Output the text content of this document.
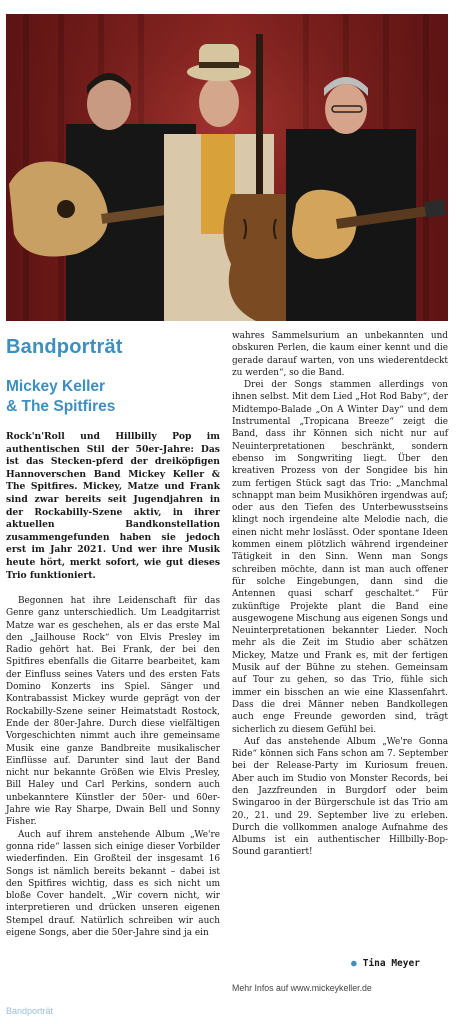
Bandporträt
Mickey Keller
& The Spitfires
Rock'n'Roll und Hillbilly Pop im authentischen Stil der 50er-Jahre: Das ist das Stecken-pferd der dreiköpfigen Hannoverschen Band Mickey Keller & The Spitfires. Mickey, Matze und Frank sind zwar bereits seit Jugendjahren in der Rockabilly-Szene aktiv, in ihrer aktuellen Bandkonstellation zusammengefunden haben sie jedoch erst im Jahr 2021. Und wer ihre Musik heute hört, merkt sofort, wie gut dieses Trio funktioniert.

Begonnen hat ihre Leidenschaft für das Genre ganz unterschiedlich. Um Leadgitarrist Matze war es geschehen, als er das erste Mal den „Jailhouse Rock“ von Elvis Presley im Radio gehört hat. Bei Frank, der bei den Spitfires ebenfalls die Gitarre bearbeitet, kam der Einfluss seines Vaters und des ersten Fats Domino Konzerts ins Spiel. Sänger und Kontrabassist Mickey wurde geprägt von der Rockabilly-Szene seiner Heimatstadt Rostock, Ende der 80er-Jahre. Durch diese vielfältigen Vorgeschichten nimmt auch ihre gemeinsame Musik eine ganze Bandbreite musikalischer Einflüsse auf. Darunter sind laut der Band nicht nur bekannte Größen wie Elvis Presley, Bill Haley und Carl Perkins, sondern auch unbekanntere Künstler der 50er- und 60er-Jahre wie Ray Sharpe, Dwain Bell und Sonny Fisher.

Auch auf ihrem anstehende Album „We're gonna ride“ lassen sich einige dieser Vorbilder wiederfinden. Ein Großteil der insgesamt 16 Songs ist nämlich bereits bekannt – dabei ist den Spitfires wichtig, dass es sich nicht um bloße Cover handelt. „Wir covern nicht, wir interpretieren und drücken unseren eigenen Stempel drauf. Natürlich schreiben wir auch eigene Songs, aber die 50er-Jahre sind ja ein

wahres Sammelsurium an unbekannten und obskuren Perlen, die kaum einer kennt und die gerade darauf warten, von uns wiederentdeckt zu werden“, so die Band.

Drei der Songs stammen allerdings von ihnen selbst. Mit dem Lied „Hot Rod Baby“, der Midtempo-Balade „On A Winter Day“ und dem Instrumental „Tropicana Breeze“ zeigt die Band, dass ihr Können sich nicht nur auf Neuinterpretationen beschränkt, sondern ebenso im Songwriting liegt. Über den kreativen Prozess von der Songidee bis hin zum fertigen Stück sagt das Trio: „Manchmal schnappt man beim Musikhören irgendwas auf; oder aus den Tiefen des Unterbewusstseins klingt noch irgendeine alte Melodie nach, die einen nicht mehr loslässt. Oder spontane Ideen kommen einem plötzlich während irgendeiner Tätigkeit in den Sinn. Wenn man Songs schreiben möchte, dann ist man auch offener für solche Eingebungen, dann sind die Antennen quasi scharf geschaltet.“ Für zukünftige Projekte plant die Band eine ausgewogene Mischung aus eigenen Songs und Neuinterpretationen bekannter Lieder. Noch mehr als die Zeit im Studio aber schätzen Mickey, Matze und Frank es, mit der fertigen Musik auf der Bühne zu stehen. Gemeinsam auf Tour zu gehen, so das Trio, fühle sich immer ein bisschen an wie eine Klassenfahrt. Dass die drei Männer neben Bandkollegen auch enge Freunde geworden sind, trägt sicherlich zu diesem Gefühl bei.

Auf das anstehende Album „We're Gonna Ride“ können sich Fans schon am 7. September bei der Release-Party im Kuriosum freuen. Aber auch im Studio von Monster Records, bei den Jazzfreunden in Burgdorf oder beim Swingaroo in der Bürgerschule ist das Trio am 20., 21. und 29. September live zu erleben. Durch die vollkommen analoge Aufnahme des Albums ist ein authentischer Hillbilly-Bop-Sound garantiert!

● Tina Meyer
Mehr Infos auf www.mickeykeller.de
Bandporträt
